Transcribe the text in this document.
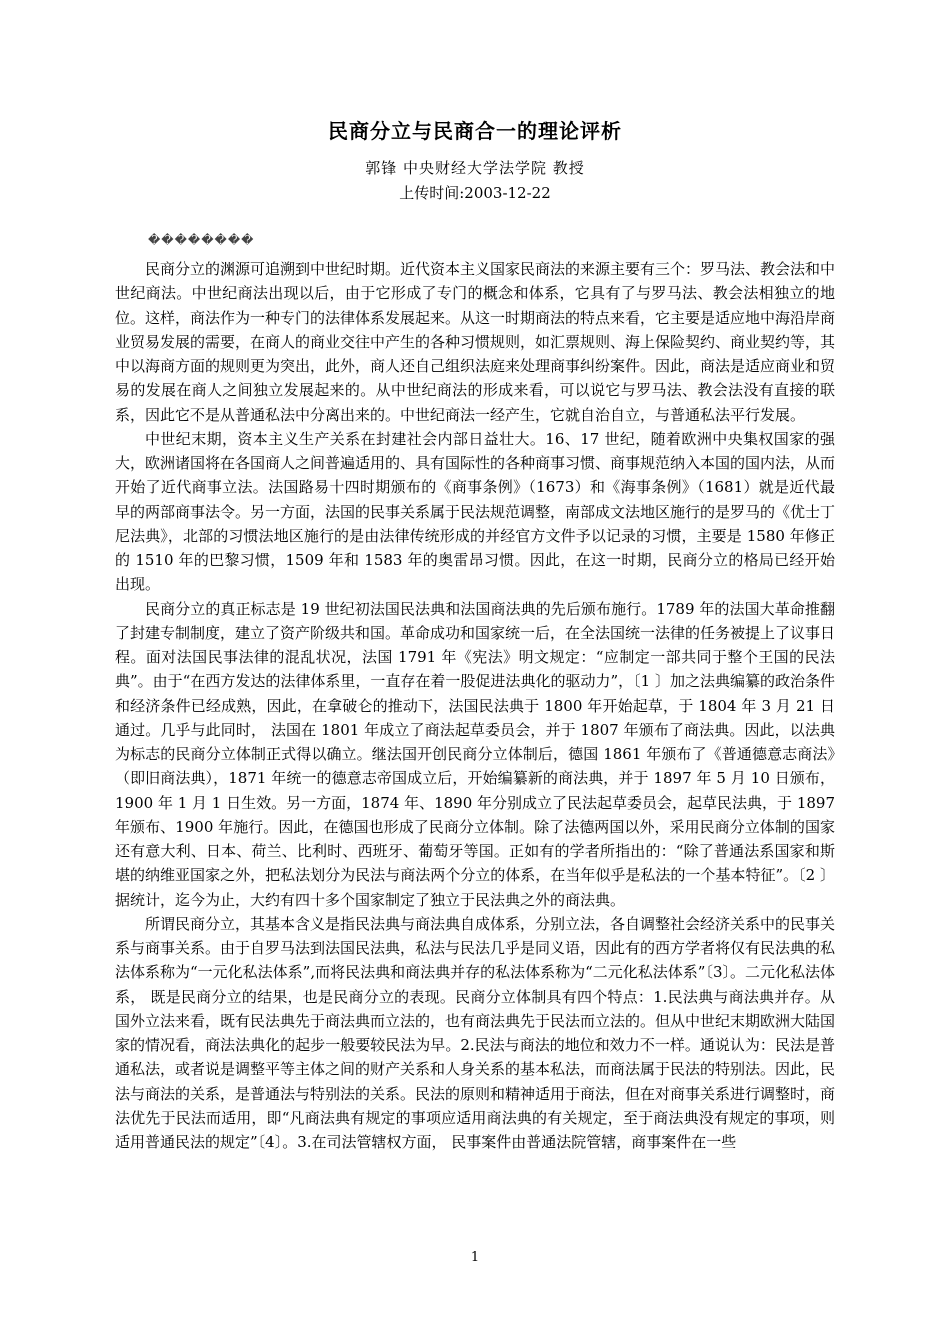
民商分立与民商合一的理论评析
郭锋 中央财经大学法学院 教授
上传时间:2003-12-22
��������

民商分立的渊源可追溯到中世纪时期。近代资本主义国家民商法的来源主要有三个：罗马法、教会法和中世纪商法。中世纪商法出现以后，由于它形成了专门的概念和体系，它具有了与罗马法、教会法相独立的地位。这样，商法作为一种专门的法律体系发展起来。从这一时期商法的特点来看，它主要是适应地中海沿岸商业贸易发展的需要，在商人的商业交往中产生的各种习惯规则，如汇票规则、海上保险契约、商业契约等，其中以海商方面的规则更为突出，此外，商人还自己组织法庭来处理商事纠纷案件。因此，商法是适应商业和贸易的发展在商人之间独立发展起来的。从中世纪商法的形成来看，可以说它与罗马法、教会法没有直接的联系，因此它不是从普通私法中分离出来的。中世纪商法一经产生，它就自治自立，与普通私法平行发展。

中世纪末期，资本主义生产关系在封建社会内部日益壮大。16、17 世纪，随着欧洲中央集权国家的强大，欧洲诸国将在各国商人之间普遍适用的、具有国际性的各种商事习惯、商事规范纳入本国的国内法，从而开始了近代商事立法。法国路易十四时期颁布的《商事条例》（1673）和《海事条例》（1681）就是近代最早的两部商事法令。另一方面，法国的民事关系属于民法规范调整，南部成文法地区施行的是罗马的《优士丁尼法典》，北部的习惯法地区施行的是由法律传统形成的并经官方文件予以记录的习惯，主要是 1580 年修正的 1510 年的巴黎习惯，1509 年和 1583 年的奥雷昂习惯。因此，在这一时期，民商分立的格局已经开始出现。

民商分立的真正标志是 19 世纪初法国民法典和法国商法典的先后颁布施行。1789 年的法国大革命推翻了封建专制制度，建立了资产阶级共和国。革命成功和国家统一后，在全法国统一法律的任务被提上了议事日程。面对法国民事法律的混乱状况，法国 1791 年《宪法》明文规定：“应制定一部共同于整个王国的民法典”。由于“在西方发达的法律体系里，一直存在着一股促进法典化的驱动力”，〔1 〕加之法典编纂的政治条件和经济条件已经成熟，因此，在拿破仑的推动下，法国民法典于 1800 年开始起草，于 1804 年 3 月 21 日通过。几乎与此同时， 法国在 1801 年成立了商法起草委员会，并于 1807 年颁布了商法典。因此，以法典为标志的民商分立体制正式得以确立。继法国开创民商分立体制后，德国 1861 年颁布了《普通德意志商法》（即旧商法典），1871 年统一的德意志帝国成立后，开始编纂新的商法典，并于 1897 年 5 月 10 日颁布， 1900 年 1 月 1 日生效。另一方面，1874 年、1890 年分别成立了民法起草委员会，起草民法典，于 1897 年颁布、1900 年施行。因此，在德国也形成了民商分立体制。除了法德两国以外，采用民商分立体制的国家还有意大利、日本、荷兰、比利时、西班牙、葡萄牙等国。正如有的学者所指出的：“除了普通法系国家和斯堪的纳维亚国家之外，把私法划分为民法与商法两个分立的体系，在当年似乎是私法的一个基本特征”。〔2 〕据统计，迄今为止，大约有四十多个国家制定了独立于民法典之外的商法典。

所谓民商分立，其基本含义是指民法典与商法典自成体系，分别立法，各自调整社会经济关系中的民事关系与商事关系。由于自罗马法到法国民法典，私法与民法几乎是同义语，因此有的西方学者将仅有民法典的私法体系称为“一元化私法体系”,而将民法典和商法典并存的私法体系称为“二元化私法体系”〔3〕。二元化私法体系， 既是民商分立的结果，也是民商分立的表现。民商分立体制具有四个特点：1.民法典与商法典并存。从国外立法来看，既有民法典先于商法典而立法的，也有商法典先于民法而立法的。但从中世纪末期欧洲大陆国家的情况看，商法法典化的起步一般要较民法为早。2.民法与商法的地位和效力不一样。通说认为：民法是普通私法，或者说是调整平等主体之间的财产关系和人身关系的基本私法，而商法属于民法的特别法。因此，民法与商法的关系，是普通法与特别法的关系。民法的原则和精神适用于商法，但在对商事关系进行调整时，商法优先于民法而适用，即“凡商法典有规定的事项应适用商法典的有关规定，至于商法典没有规定的事项，则适用普通民法的规定”〔4〕。3.在司法管辖权方面， 民事案件由普通法院管辖，商事案件在一些

1
